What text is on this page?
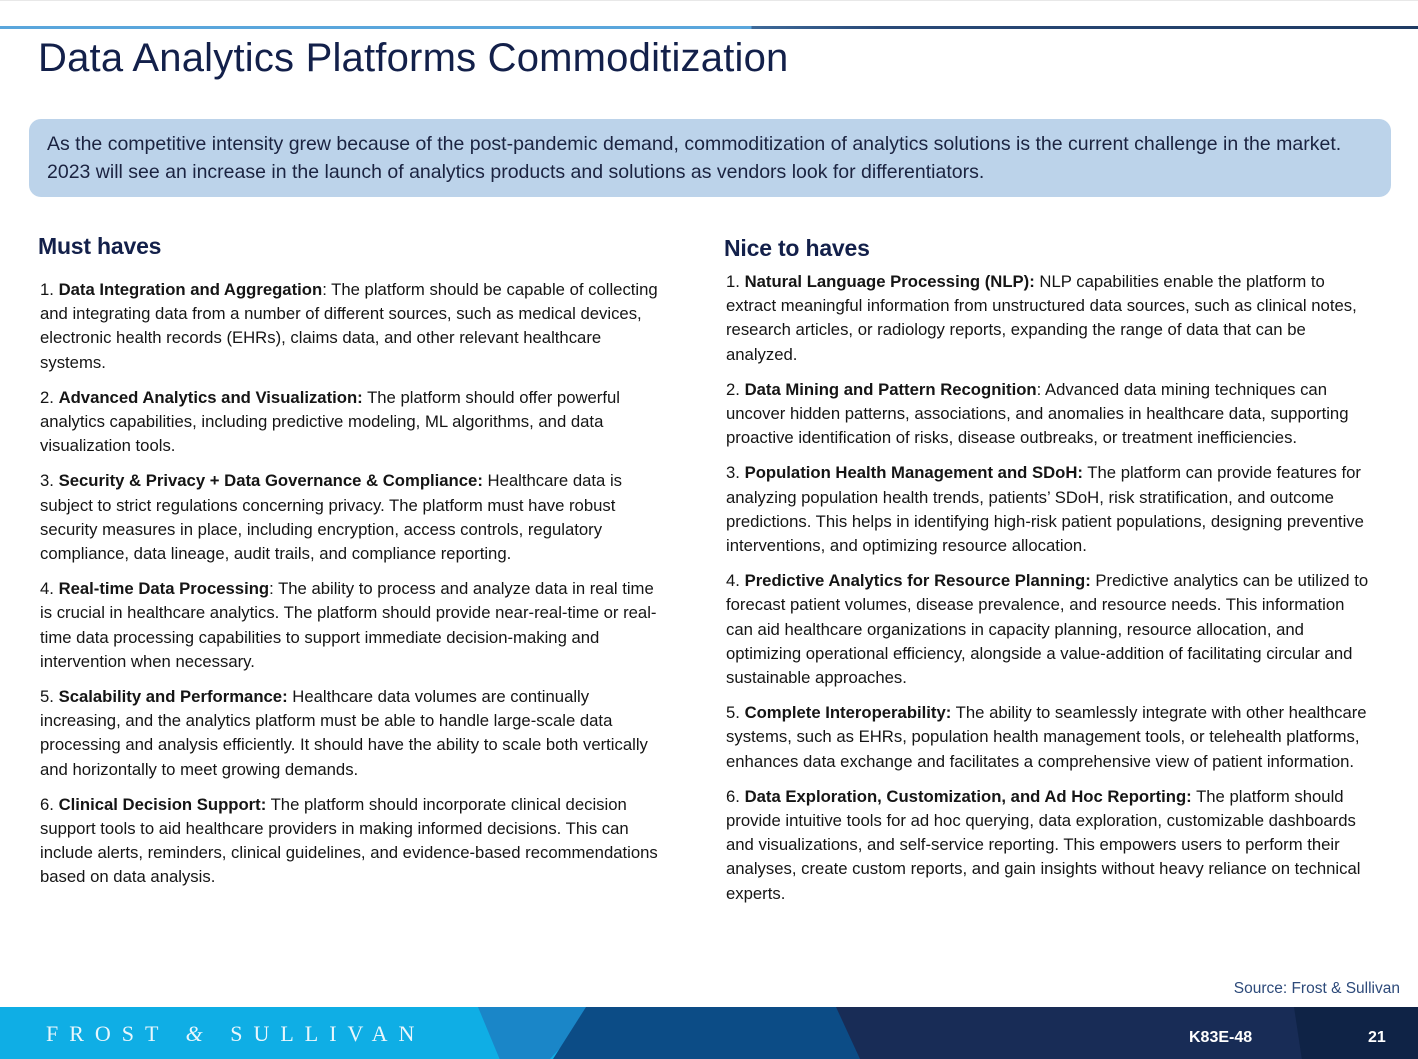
Data Analytics Platforms Commoditization
As the competitive intensity grew because of the post-pandemic demand, commoditization of analytics solutions is the current challenge in the market. 2023 will see an increase in the launch of analytics products and solutions as vendors look for differentiators.
Must haves

1. Data Integration and Aggregation: The platform should be capable of collecting and integrating data from a number of different sources, such as medical devices, electronic health records (EHRs), claims data, and other relevant healthcare systems.

2. Advanced Analytics and Visualization: The platform should offer powerful analytics capabilities, including predictive modeling, ML algorithms, and data visualization tools.

3. Security & Privacy + Data Governance & Compliance: Healthcare data is subject to strict regulations concerning privacy. The platform must have robust security measures in place, including encryption, access controls, regulatory compliance, data lineage, audit trails, and compliance reporting.

4. Real-time Data Processing: The ability to process and analyze data in real time is crucial in healthcare analytics. The platform should provide near-real-time or real-time data processing capabilities to support immediate decision-making and intervention when necessary.

5. Scalability and Performance: Healthcare data volumes are continually increasing, and the analytics platform must be able to handle large-scale data processing and analysis efficiently. It should have the ability to scale both vertically and horizontally to meet growing demands.

6. Clinical Decision Support: The platform should incorporate clinical decision support tools to aid healthcare providers in making informed decisions. This can include alerts, reminders, clinical guidelines, and evidence-based recommendations based on data analysis.

Nice to haves

1. Natural Language Processing (NLP): NLP capabilities enable the platform to extract meaningful information from unstructured data sources, such as clinical notes, research articles, or radiology reports, expanding the range of data that can be analyzed.

2. Data Mining and Pattern Recognition: Advanced data mining techniques can uncover hidden patterns, associations, and anomalies in healthcare data, supporting proactive identification of risks, disease outbreaks, or treatment inefficiencies.

3. Population Health Management and SDoH: The platform can provide features for analyzing population health trends, patients’ SDoH, risk stratification, and outcome predictions. This helps in identifying high-risk patient populations, designing preventive interventions, and optimizing resource allocation.

4. Predictive Analytics for Resource Planning: Predictive analytics can be utilized to forecast patient volumes, disease prevalence, and resource needs. This information can aid healthcare organizations in capacity planning, resource allocation, and optimizing operational efficiency, alongside a value-addition of facilitating circular and sustainable approaches.

5. Complete Interoperability: The ability to seamlessly integrate with other healthcare systems, such as EHRs, population health management tools, or telehealth platforms, enhances data exchange and facilitates a comprehensive view of patient information.

6. Data Exploration, Customization, and Ad Hoc Reporting: The platform should provide intuitive tools for ad hoc querying, data exploration, customizable dashboards and visualizations, and self-service reporting. This empowers users to perform their analyses, create custom reports, and gain insights without heavy reliance on technical experts.

Source: Frost & Sullivan
FROST & SULLIVAN	K83E-48	21
